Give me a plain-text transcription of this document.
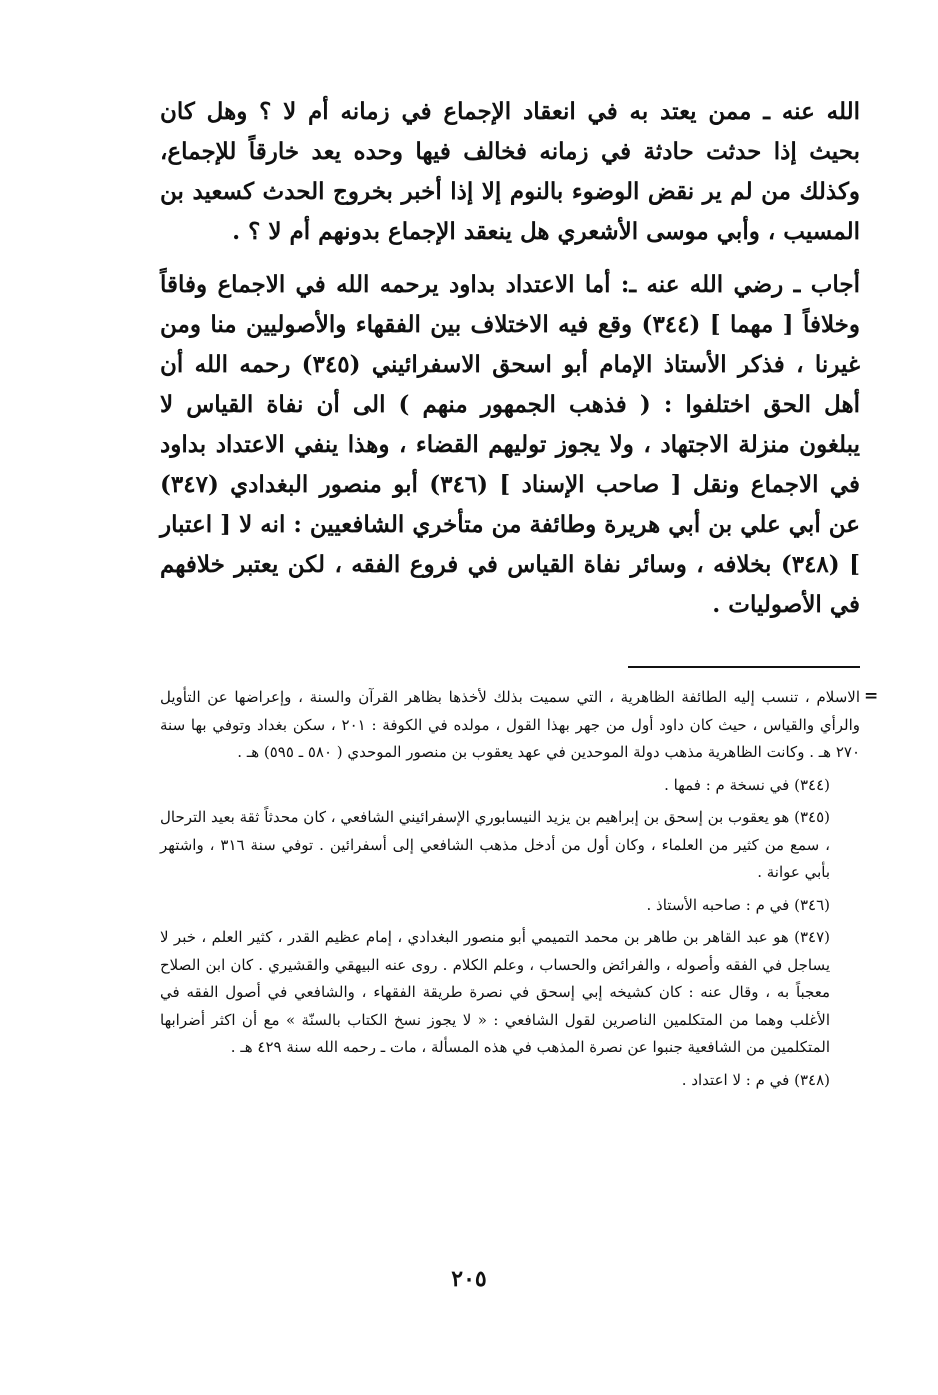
الله عنه ـ ممن يعتد به في انعقاد الإجماع في زمانه أم لا ؟ وهل كان بحيث إذا حدثت حادثة في زمانه فخالف فيها وحده يعد خارقاً للإجماع، وكذلك من لم ير نقض الوضوء بالنوم إلا إذا أخبر بخروج الحدث كسعيد بن المسيب ، وأبي موسى الأشعري هل ينعقد الإجماع بدونهم أم لا ؟ .

أجاب ـ رضي الله عنه ـ: أما الاعتداد بداود يرحمه الله في الاجماع وفاقاً وخلافاً [ مهما ] (٣٤٤) وقع فيه الاختلاف بين الفقهاء والأصوليين منا ومن غيرنا ، فذكر الأستاذ الإمام أبو اسحق الاسفرائيني (٣٤٥) رحمه الله أن أهل الحق اختلفوا : ( فذهب الجمهور منهم ) الى أن نفاة القياس لا يبلغون منزلة الاجتهاد ، ولا يجوز توليهم القضاء ، وهذا ينفي الاعتداد بداود في الاجماع ونقل [ صاحب الإسناد ] (٣٤٦) أبو منصور البغدادي (٣٤٧) عن أبي علي بن أبي هريرة وطائفة من متأخري الشافعيين : انه لا [ اعتبار ] (٣٤٨) بخلافه ، وسائر نفاة القياس في فروع الفقه ، لكن يعتبر خلافهم في الأصوليات .

=

الاسلام ، تنسب إليه الطائفة الظاهرية ، التي سميت بذلك لأخذها بظاهر القرآن والسنة ، وإعراضها عن التأويل والرأي والقياس ، حيث كان داود أول من جهر بهذا القول ، مولده في الكوفة : ٢٠١ ، سكن بغداد وتوفي بها سنة ٢٧٠ هـ . وكانت الظاهرية مذهب دولة الموحدين في عهد يعقوب بن منصور الموحدي ( ٥٨٠ ـ ٥٩٥) هـ .

(٣٤٤) في نسخة م : فمها .

(٣٤٥) هو يعقوب بن إسحق بن إبراهيم بن يزيد النيسابوري الإسفرائيني الشافعي ، كان محدثاً ثقة بعيد الترحال ، سمع من كثير من العلماء ، وكان أول من أدخل مذهب الشافعي إلى أسفرائين . توفي سنة ٣١٦ ، واشتهر بأبي عوانة .

(٣٤٦) في م : صاحبه الأستاذ .

(٣٤٧) هو عبد القاهر بن طاهر بن محمد التميمي أبو منصور البغدادي ، إمام عظيم القدر ، كثير العلم ، خبر لا يساجل في الفقه وأصوله ، والفرائض والحساب ، وعلم الكلام . روى عنه البيهقي والقشيري . كان ابن الصلاح معجباً به ، وقال عنه : كان كشيخه إبي إسحق في نصرة طريقة الفقهاء ، والشافعي في أصول الفقه في الأغلب وهما من المتكلمين الناصرين لقول الشافعي : « لا يجوز نسخ الكتاب بالسنّة » مع أن اكثر أضرابها المتكلمين من الشافعية جنبوا عن نصرة المذهب في هذه المسألة ، مات ـ رحمه الله سنة ٤٢٩ هـ .

(٣٤٨) في م : لا اعتداد .

٢٠٥
